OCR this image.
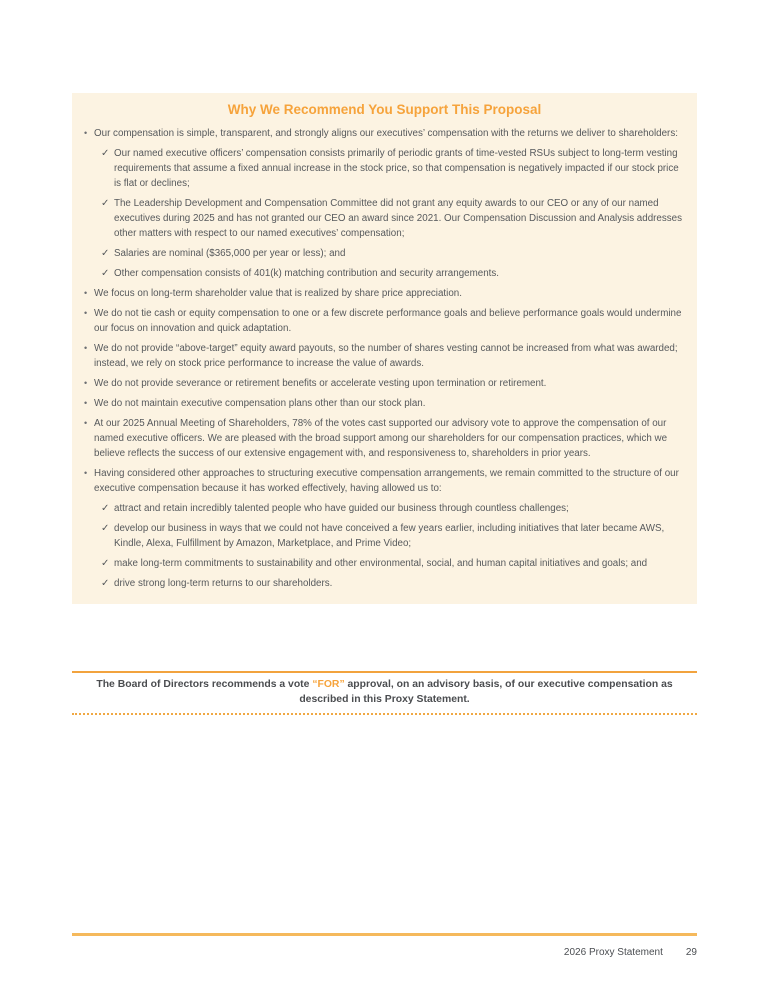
Why We Recommend You Support This Proposal
• Our compensation is simple, transparent, and strongly aligns our executives’ compensation with the returns we deliver to shareholders:
✓ Our named executive officers’ compensation consists primarily of periodic grants of time-vested RSUs subject to long-term vesting requirements that assume a fixed annual increase in the stock price, so that compensation is negatively impacted if our stock price is flat or declines;
✓ The Leadership Development and Compensation Committee did not grant any equity awards to our CEO or any of our named executives during 2025 and has not granted our CEO an award since 2021. Our Compensation Discussion and Analysis addresses other matters with respect to our named executives’ compensation;
✓ Salaries are nominal ($365,000 per year or less); and
✓ Other compensation consists of 401(k) matching contribution and security arrangements.
• We focus on long-term shareholder value that is realized by share price appreciation.
• We do not tie cash or equity compensation to one or a few discrete performance goals and believe performance goals would undermine our focus on innovation and quick adaptation.
• We do not provide “above-target” equity award payouts, so the number of shares vesting cannot be increased from what was awarded; instead, we rely on stock price performance to increase the value of awards.
• We do not provide severance or retirement benefits or accelerate vesting upon termination or retirement.
• We do not maintain executive compensation plans other than our stock plan.
• At our 2025 Annual Meeting of Shareholders, 78% of the votes cast supported our advisory vote to approve the compensation of our named executive officers. We are pleased with the broad support among our shareholders for our compensation practices, which we believe reflects the success of our extensive engagement with, and responsiveness to, shareholders in prior years.
• Having considered other approaches to structuring executive compensation arrangements, we remain committed to the structure of our executive compensation because it has worked effectively, having allowed us to:
✓ attract and retain incredibly talented people who have guided our business through countless challenges;
✓ develop our business in ways that we could not have conceived a few years earlier, including initiatives that later became AWS, Kindle, Alexa, Fulfillment by Amazon, Marketplace, and Prime Video;
✓ make long-term commitments to sustainability and other environmental, social, and human capital initiatives and goals; and
✓ drive strong long-term returns to our shareholders.

The Board of Directors recommends a vote “FOR” approval, on an advisory basis, of our executive compensation as described in this Proxy Statement.

2026 Proxy Statement 29
